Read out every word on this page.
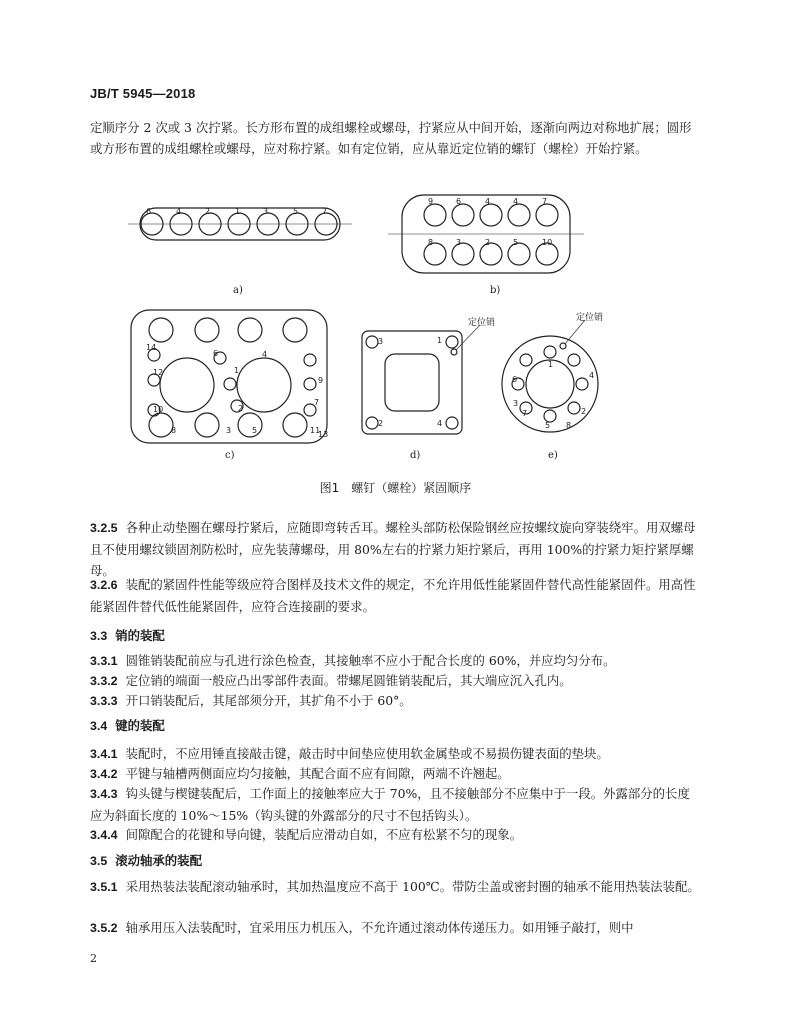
JB/T 5945—2018

定顺序分 2 次或 3 次拧紧。长方形布置的成组螺栓或螺母，拧紧应从中间开始，逐渐向两边对称地扩展；圆形或方形布置的成组螺栓或螺母，应对称拧紧。如有定位销，应从靠近定位销的螺钉（螺栓）开始拧紧。

6	4	2	1	3	5	7
9	6	4	4	7
8	3	2	5	10
14
12
10
8
6
1
2
4
9
7
3	5	11
13
3	1
2	4
1
4
2
5
6
3
7
8
a)	b)
c)	d)	e)
定位销	定位销
图1　螺钉（螺栓）紧固顺序
3.2.5 各种止动垫圈在螺母拧紧后，应随即弯转舌耳。螺栓头部防松保险钢丝应按螺纹旋向穿装绕牢。用双螺母且不使用螺纹锁固剂防松时，应先装薄螺母，用 80%左右的拧紧力矩拧紧后，再用 100%的拧紧力矩拧紧厚螺母。
3.2.6 装配的紧固件性能等级应符合图样及技术文件的规定，不允许用低性能紧固件替代高性能紧固件。用高性能紧固件替代低性能紧固件，应符合连接副的要求。
3.3 销的装配
3.3.1 圆锥销装配前应与孔进行涂色检查，其接触率不应小于配合长度的 60%，并应均匀分布。
3.3.2 定位销的端面一般应凸出零部件表面。带螺尾圆锥销装配后，其大端应沉入孔内。
3.3.3 开口销装配后，其尾部须分开，其扩角不小于 60°。
3.4 键的装配
3.4.1 装配时，不应用锤直接敲击键，敲击时中间垫应使用软金属垫或不易损伤键表面的垫块。
3.4.2 平键与轴槽两侧面应均匀接触，其配合面不应有间隙，两端不许翘起。
3.4.3 钩头键与楔键装配后，工作面上的接触率应大于 70%，且不接触部分不应集中于一段。外露部分的长度应为斜面长度的 10%～15%（钩头键的外露部分的尺寸不包括钩头）。
3.4.4 间隙配合的花键和导向键，装配后应滑动自如，不应有松紧不匀的现象。
3.5 滚动轴承的装配
3.5.1 采用热装法装配滚动轴承时，其加热温度应不高于 100℃。带防尘盖或密封圈的轴承不能用热装法装配。
3.5.2 轴承用压入法装配时，宜采用压力机压入，不允许通过滚动体传递压力。如用锤子敲打，则中
2
